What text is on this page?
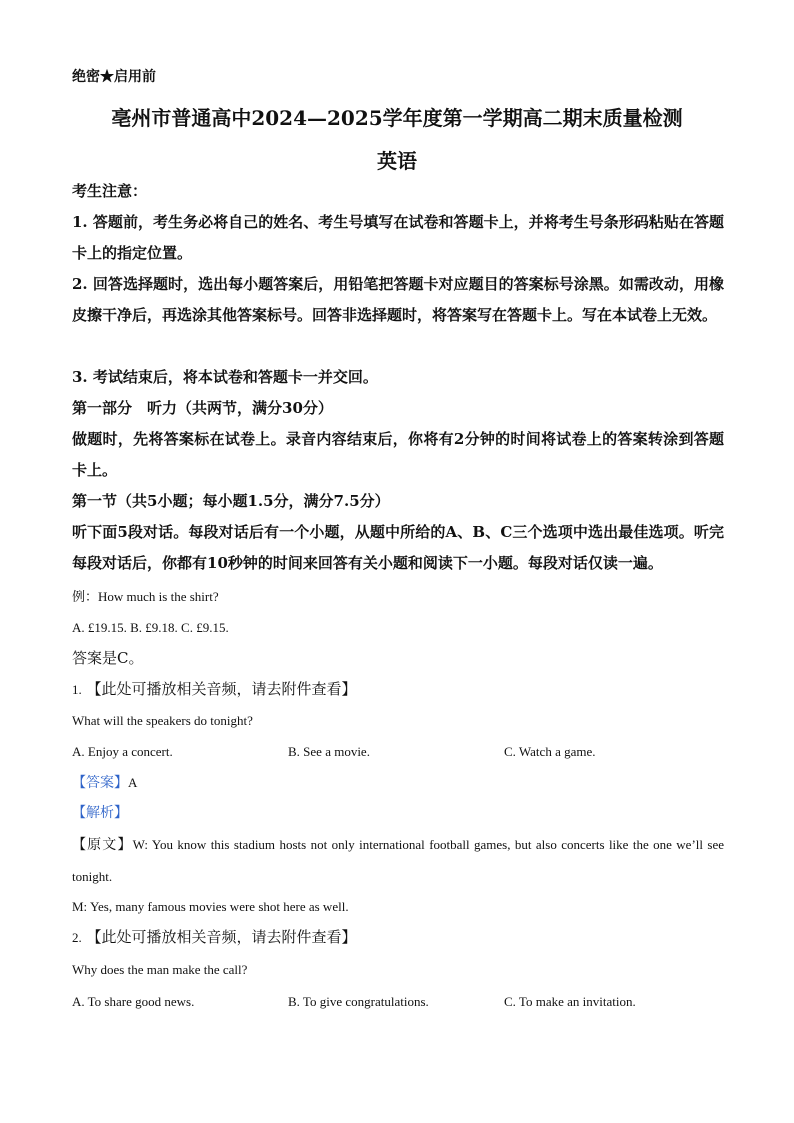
绝密★启用前
亳州市普通高中2024—2025学年度第一学期高二期末质量检测
英语
考生注意：
1. 答题前，考生务必将自己的姓名、考生号填写在试卷和答题卡上，并将考生号条形码粘贴在答题卡上的指定位置。
2. 回答选择题时，选出每小题答案后，用铅笔把答题卡对应题目的答案标号涂黑。如需改动，用橡皮擦干净后，再选涂其他答案标号。回答非选择题时，将答案写在答题卡上。写在本试卷上无效。
3. 考试结束后，将本试卷和答题卡一并交回。
第一部分　听力（共两节，满分30分）
做题时，先将答案标在试卷上。录音内容结束后，你将有2分钟的时间将试卷上的答案转涂到答题卡上。
第一节（共5小题；每小题1.5分，满分7.5分）
听下面5段对话。每段对话后有一个小题，从题中所给的A、B、C三个选项中选出最佳选项。听完每段对话后，你都有10秒钟的时间来回答有关小题和阅读下一小题。每段对话仅读一遍。
例：How much is the shirt?
A. £19.15. B. £9.18. C. £9.15.
答案是C。
1. 【此处可播放相关音频，请去附件查看】
What will the speakers do tonight?
A. Enjoy a concert.	B. See a movie.	C. Watch a game.
【答案】A
【解析】
【原文】W: You know this stadium hosts not only international football games, but also concerts like the one we’ll see tonight.
M: Yes, many famous movies were shot here as well.
2. 【此处可播放相关音频，请去附件查看】
Why does the man make the call?
A. To share good news.	B. To give congratulations.	C. To make an invitation.
